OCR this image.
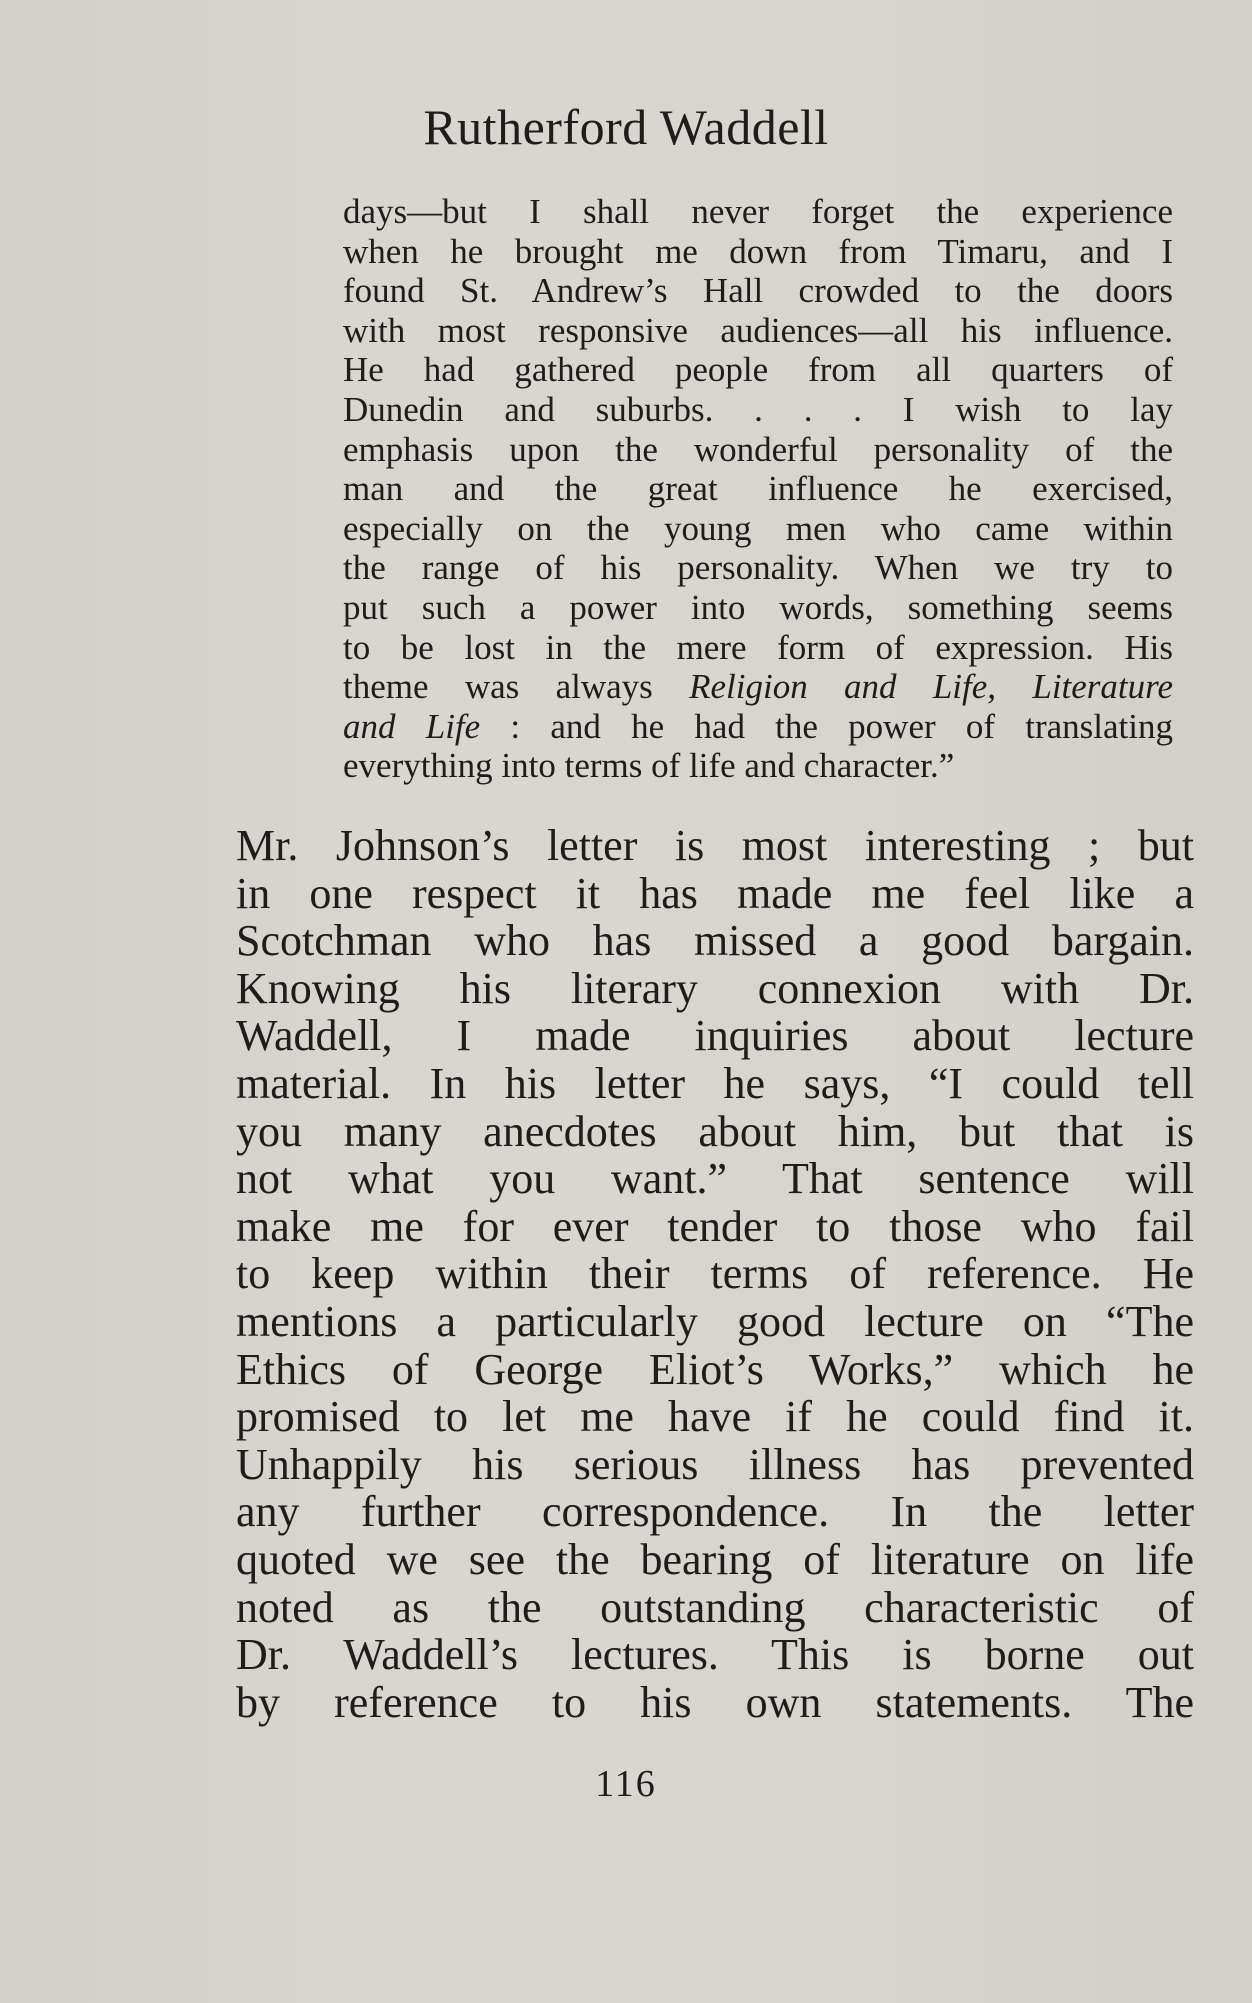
Rutherford Waddell
days—but I shall never forget the experience
when he brought me down from Timaru, and I
found St. Andrew’s Hall crowded to the doors
with most responsive audiences—all his influence.
He had gathered people from all quarters of
Dunedin and suburbs. . . . I wish to lay
emphasis upon the wonderful personality of the
man and the great influence he exercised,
especially on the young men who came within
the range of his personality. When we try to
put such a power into words, something seems
to be lost in the mere form of expression. His
theme was always Religion and Life, Literature
and Life : and he had the power of translating
everything into terms of life and character.”
Mr. Johnson’s letter is most interesting ; but
in one respect it has made me feel like a
Scotchman who has missed a good bargain.
Knowing his literary connexion with Dr.
Waddell, I made inquiries about lecture
material. In his letter he says, “I could tell
you many anecdotes about him, but that is
not what you want.” That sentence will
make me for ever tender to those who fail
to keep within their terms of reference. He
mentions a particularly good lecture on “The
Ethics of George Eliot’s Works,” which he
promised to let me have if he could find it.
Unhappily his serious illness has prevented
any further correspondence. In the letter
quoted we see the bearing of literature on life
noted as the outstanding characteristic of
Dr. Waddell’s lectures. This is borne out
by reference to his own statements. The
116
